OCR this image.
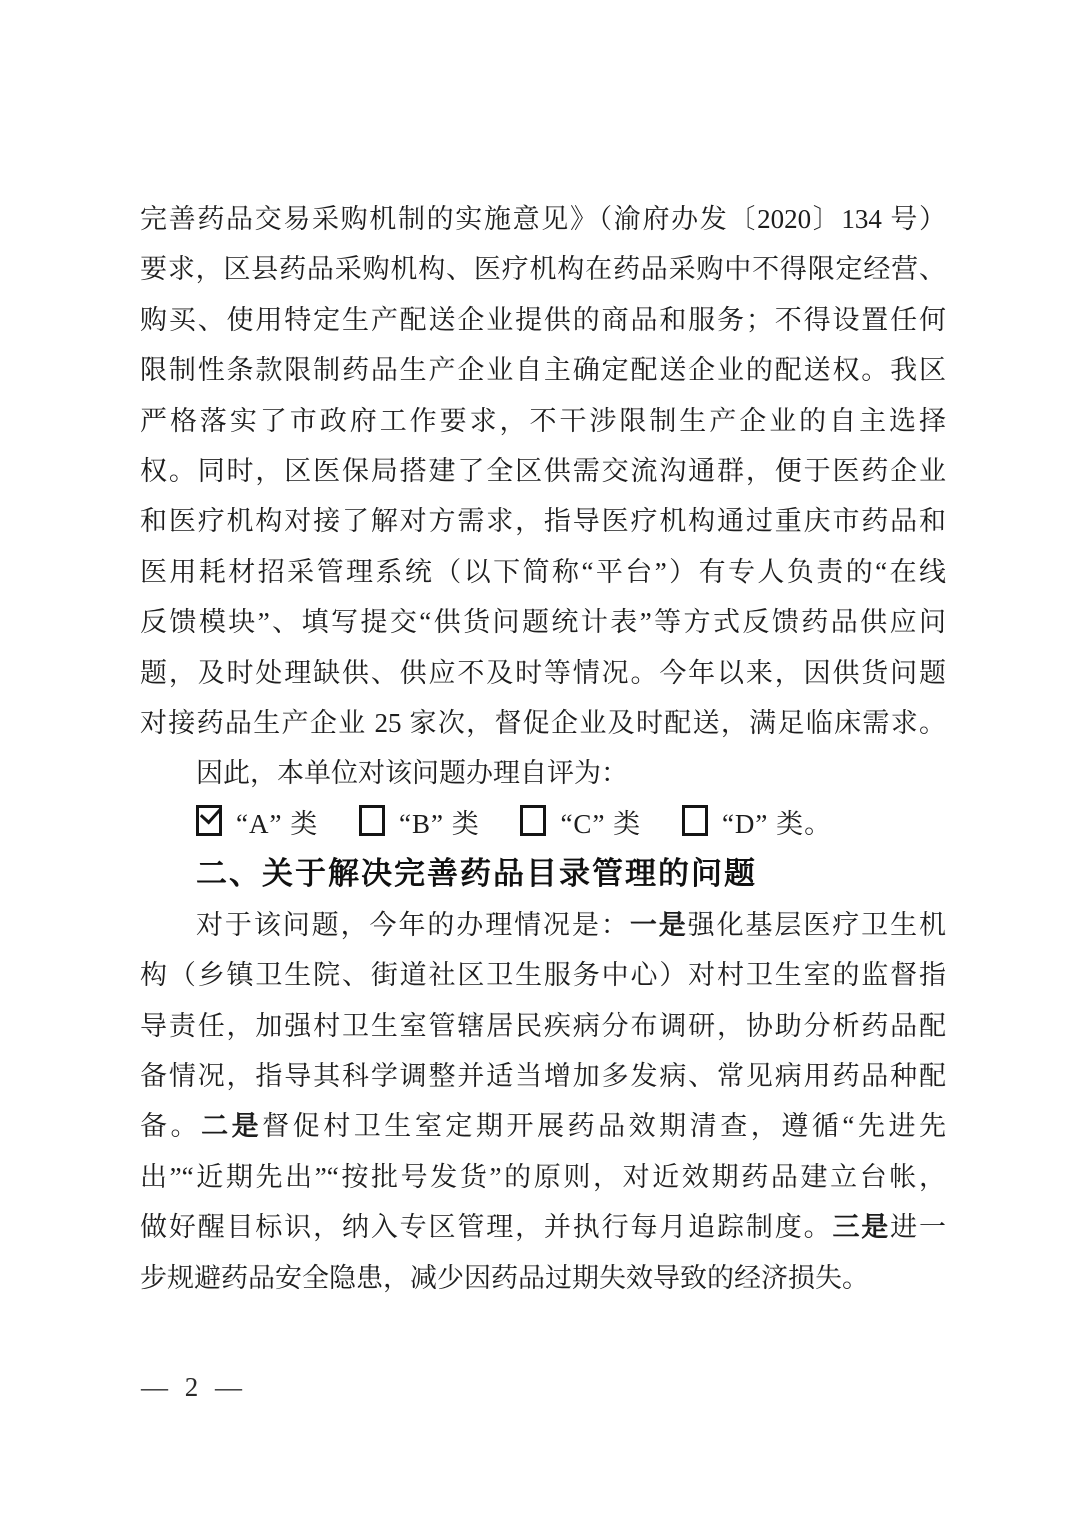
完善药品交易采购机制的实施意见》（渝府办发〔2020〕134 号）
要求，区县药品采购机构、医疗机构在药品采购中不得限定经营、
购买、使用特定生产配送企业提供的商品和服务；不得设置任何
限制性条款限制药品生产企业自主确定配送企业的配送权。我区
严格落实了市政府工作要求，不干涉限制生产企业的自主选择
权。同时，区医保局搭建了全区供需交流沟通群，便于医药企业
和医疗机构对接了解对方需求，指导医疗机构通过重庆市药品和
医用耗材招采管理系统（以下简称“平台”）有专人负责的“在线
反馈模块”、填写提交“供货问题统计表”等方式反馈药品供应问
题，及时处理缺供、供应不及时等情况。今年以来，因供货问题
对接药品生产企业 25 家次，督促企业及时配送，满足临床需求。

因此，本单位对该问题办理自评为：

“A” 类	“B” 类	“C” 类	“D” 类。

二、关于解决完善药品目录管理的问题
对于该问题，今年的办理情况是：一是强化基层医疗卫生机
构（乡镇卫生院、街道社区卫生服务中心）对村卫生室的监督指
导责任，加强村卫生室管辖居民疾病分布调研，协助分析药品配
备情况，指导其科学调整并适当增加多发病、常见病用药品种配
备。二是督促村卫生室定期开展药品效期清查，遵循“先进先
出”“近期先出”“按批号发货”的原则，对近效期药品建立台帐，
做好醒目标识，纳入专区管理，并执行每月追踪制度。三是进一
步规避药品安全隐患，减少因药品过期失效导致的经济损失。
— 2 —
